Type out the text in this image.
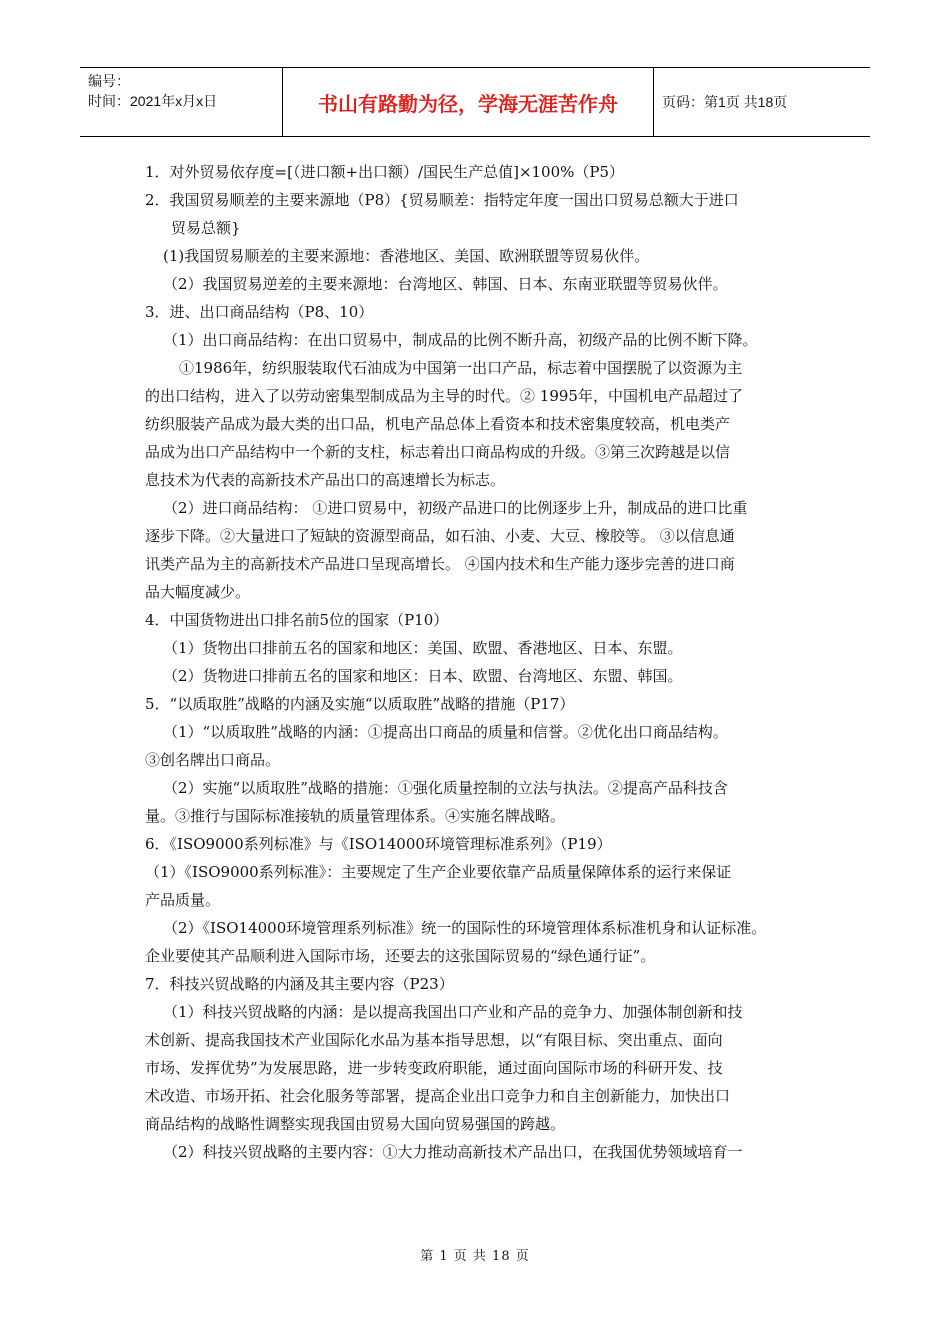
编号：
时间：2021年x月x日	书山有路勤为径，学海无涯苦作舟	页码：第1页 共18页
1．对外贸易依存度=[（进口额+出口额）/国民生产总值]×100%（P5）
2．我国贸易顺差的主要来源地（P8）{贸易顺差：指特定年度一国出口贸易总额大于进口
贸易总额}
(1)我国贸易顺差的主要来源地：香港地区、美国、欧洲联盟等贸易伙伴。
（2）我国贸易逆差的主要来源地：台湾地区、韩国、日本、东南亚联盟等贸易伙伴。
3．进、出口商品结构（P8、10）
（1）出口商品结构：在出口贸易中，制成品的比例不断升高，初级产品的比例不断下降。
①1986年，纺织服装取代石油成为中国第一出口产品，标志着中国摆脱了以资源为主
的出口结构，进入了以劳动密集型制成品为主导的时代。② 1995年，中国机电产品超过了
纺织服装产品成为最大类的出口品，机电产品总体上看资本和技术密集度较高，机电类产
品成为出口产品结构中一个新的支柱，标志着出口商品构成的升级。③第三次跨越是以信
息技术为代表的高新技术产品出口的高速增长为标志。
（2）进口商品结构： ①进口贸易中，初级产品进口的比例逐步上升，制成品的进口比重
逐步下降。②大量进口了短缺的资源型商品，如石油、小麦、大豆、橡胶等。 ③以信息通
讯类产品为主的高新技术产品进口呈现高增长。 ④国内技术和生产能力逐步完善的进口商
品大幅度减少。
4．中国货物进出口排名前5位的国家（P10）
（1）货物出口排前五名的国家和地区：美国、欧盟、香港地区、日本、东盟。
（2）货物进口排前五名的国家和地区：日本、欧盟、台湾地区、东盟、韩国。
5．“以质取胜”战略的内涵及实施“以质取胜”战略的措施（P17）
（1）“以质取胜”战略的内涵：①提高出口商品的质量和信誉。②优化出口商品结构。
③创名牌出口商品。
（2）实施“以质取胜”战略的措施：①强化质量控制的立法与执法。②提高产品科技含
量。③推行与国际标准接轨的质量管理体系。④实施名牌战略。
6．《ISO9000系列标准》与《ISO14000环境管理标准系列》（P19）
（1）《ISO9000系列标准》：主要规定了生产企业要依靠产品质量保障体系的运行来保证
产品质量。
（2）《ISO14000环境管理系列标准》统一的国际性的环境管理体系标准机身和认证标准。
企业要使其产品顺利进入国际市场，还要去的这张国际贸易的“绿色通行证”。
7．科技兴贸战略的内涵及其主要内容（P23）
（1）科技兴贸战略的内涵：是以提高我国出口产业和产品的竞争力、加强体制创新和技
术创新、提高我国技术产业国际化水品为基本指导思想，以“有限目标、突出重点、面向
市场、发挥优势”为发展思路，进一步转变政府职能，通过面向国际市场的科研开发、技
术改造、市场开拓、社会化服务等部署，提高企业出口竞争力和自主创新能力，加快出口
商品结构的战略性调整实现我国由贸易大国向贸易强国的跨越。
（2）科技兴贸战略的主要内容：①大力推动高新技术产品出口，在我国优势领域培育一
第 1 页 共 18 页
